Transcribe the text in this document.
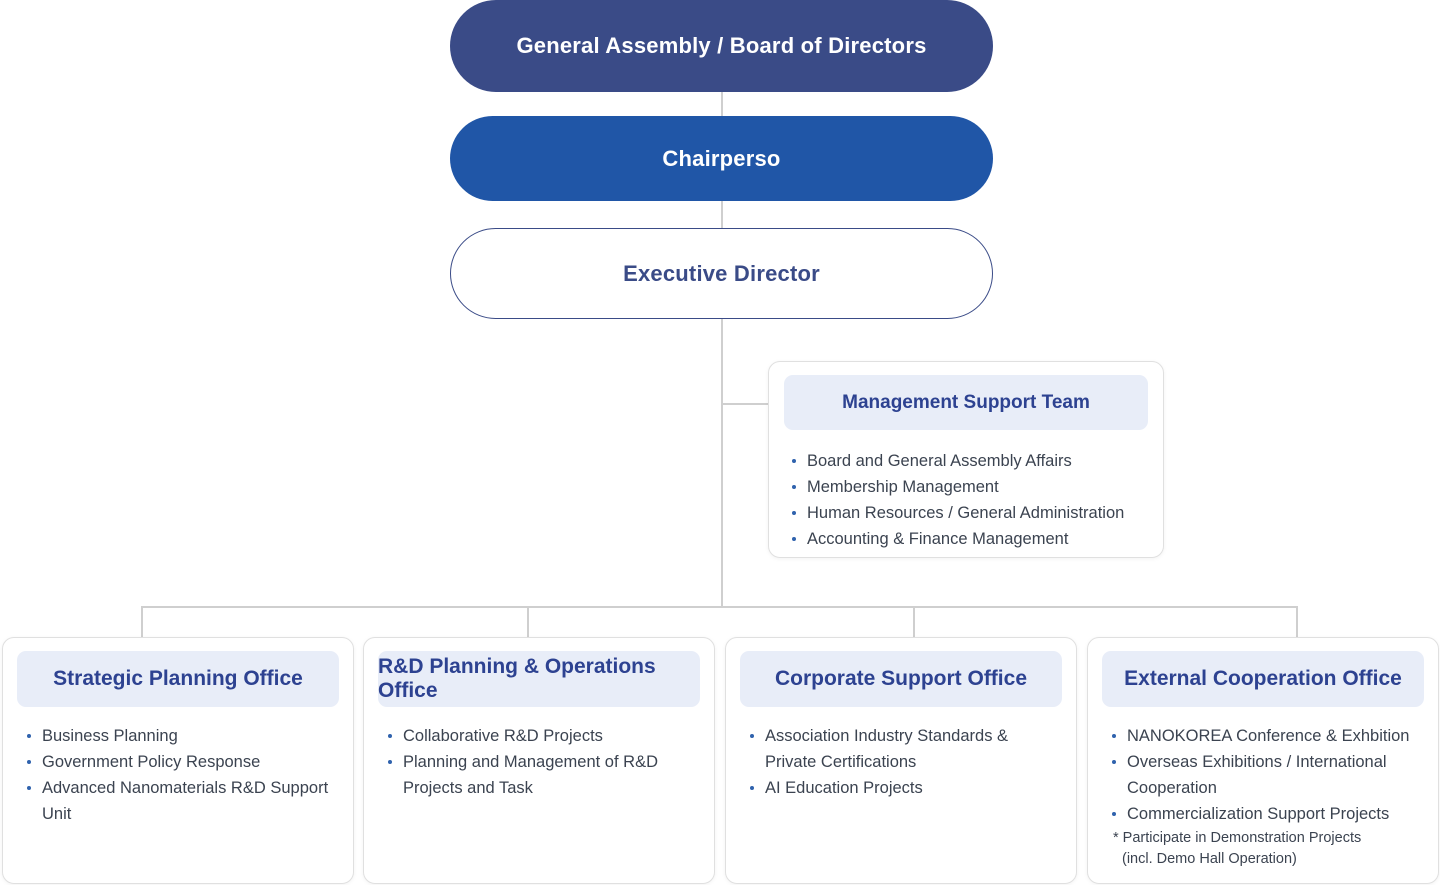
General Assembly / Board of Directors
Chairperso
Executive Director
Management Support Team
Board and General Assembly Affairs
Membership Management
Human Resources / General Administration
Accounting & Finance Management
Strategic Planning Office
Business Planning
Government Policy Response
Advanced Nanomaterials R&D Support Unit
R&D Planning & Operations Office
Collaborative R&D Projects
Planning and Management of R&D Projects and Task
Corporate Support Office
Association Industry Standards & Private Certifications
AI Education Projects
External Cooperation Office
NANOKOREA Conference & Exhbition
Overseas Exhibitions / International Cooperation
Commercialization Support Projects
* Participate in Demonstration Projects
(incl. Demo Hall Operation)
